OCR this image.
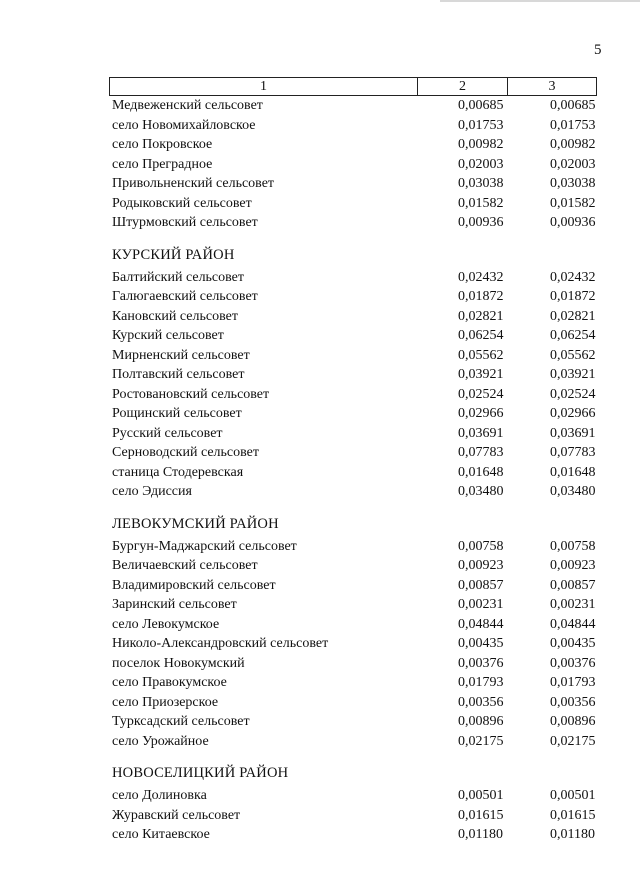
5
1	2	3
Медвеженский сельсовет	0,00685	0,00685
село Новомихайловское	0,01753	0,01753
село Покровское	0,00982	0,00982
село Преградное	0,02003	0,02003
Привольненский сельсовет	0,03038	0,03038
Родыковский сельсовет	0,01582	0,01582
Штурмовский сельсовет	0,00936	0,00936
КУРСКИЙ РАЙОН
Балтийский сельсовет	0,02432	0,02432
Галюгаевский сельсовет	0,01872	0,01872
Кановский сельсовет	0,02821	0,02821
Курский сельсовет	0,06254	0,06254
Мирненский сельсовет	0,05562	0,05562
Полтавский сельсовет	0,03921	0,03921
Ростовановский сельсовет	0,02524	0,02524
Рощинский сельсовет	0,02966	0,02966
Русский сельсовет	0,03691	0,03691
Серноводский сельсовет	0,07783	0,07783
станица Стодеревская	0,01648	0,01648
село Эдиссия	0,03480	0,03480
ЛЕВОКУМСКИЙ РАЙОН
Бургун-Маджарский сельсовет	0,00758	0,00758
Величаевский сельсовет	0,00923	0,00923
Владимировский сельсовет	0,00857	0,00857
Заринский сельсовет	0,00231	0,00231
село Левокумское	0,04844	0,04844
Николо-Александровский сельсовет	0,00435	0,00435
поселок Новокумский	0,00376	0,00376
село Правокумское	0,01793	0,01793
село Приозерское	0,00356	0,00356
Турксадский сельсовет	0,00896	0,00896
село Урожайное	0,02175	0,02175
НОВОСЕЛИЦКИЙ РАЙОН
село Долиновка	0,00501	0,00501
Журавский сельсовет	0,01615	0,01615
село Китаевское	0,01180	0,01180
